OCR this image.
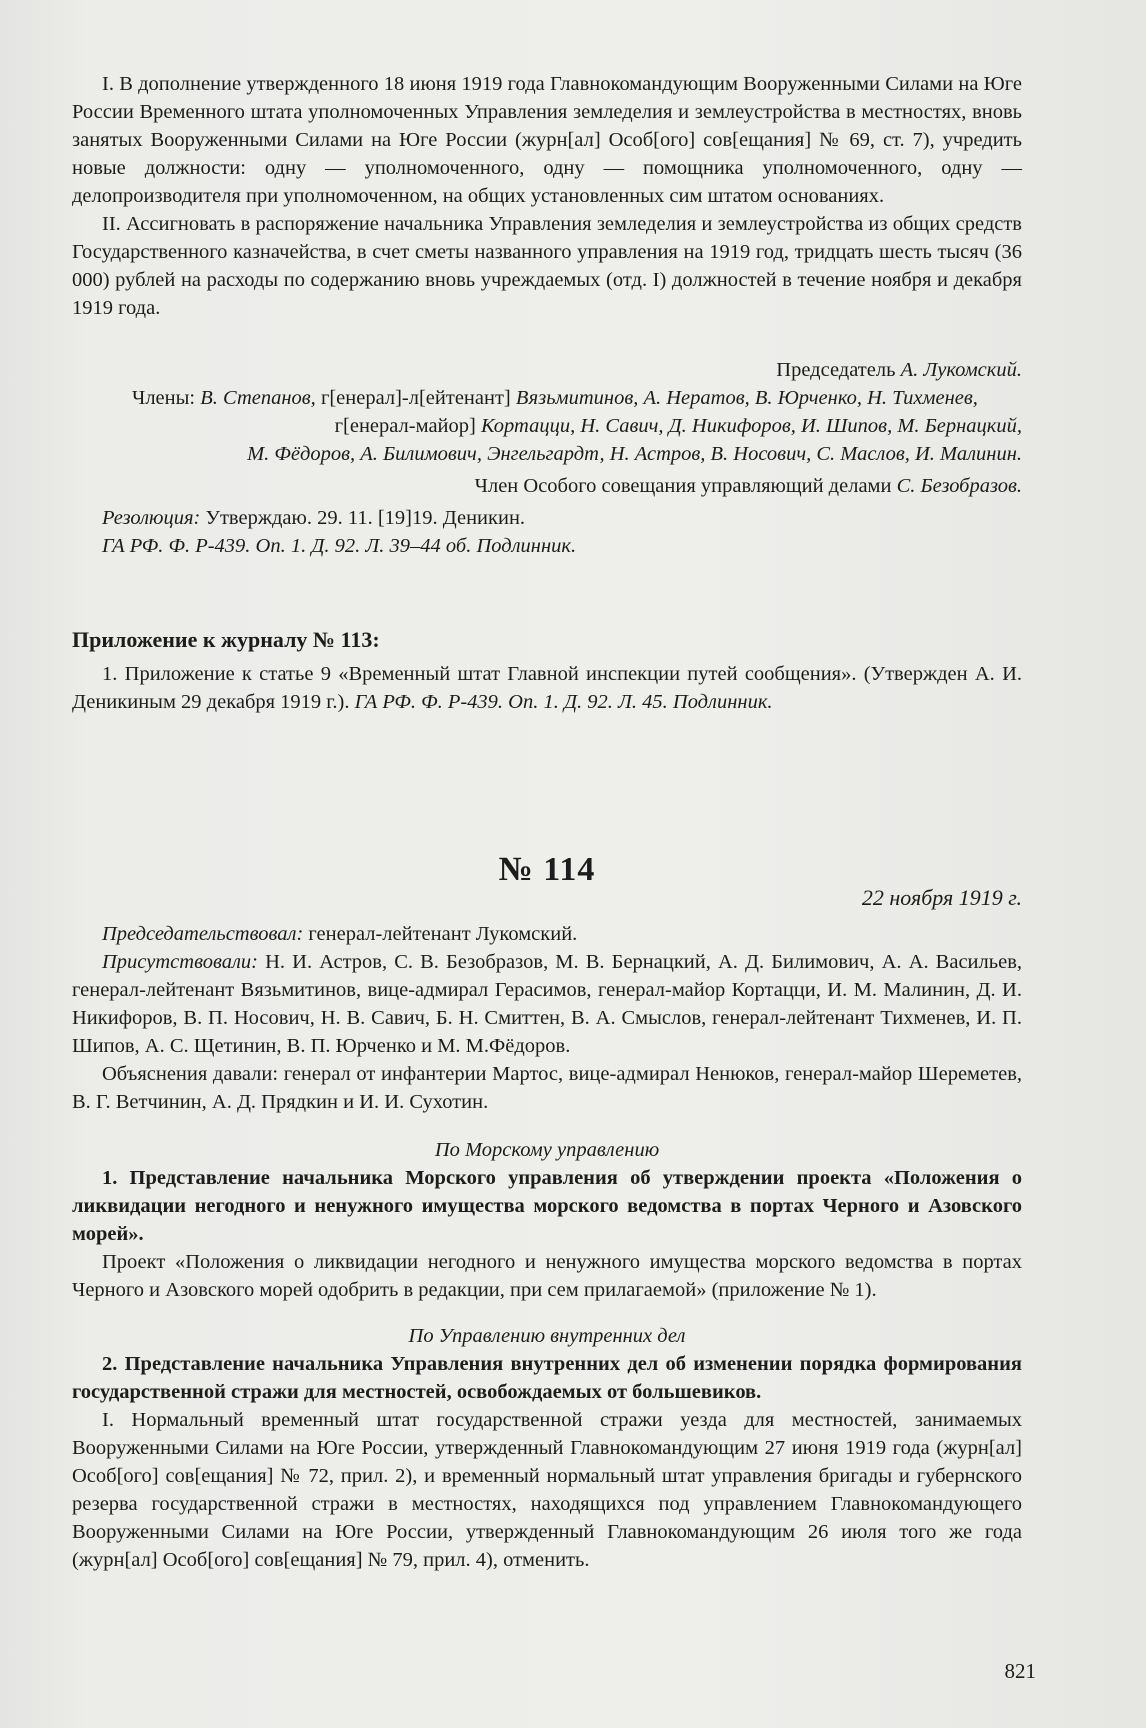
I. В дополнение утвержденного 18 июня 1919 года Главнокомандующим Вооруженными Силами на Юге России Временного штата уполномоченных Управления земледелия и землеустройства в местностях, вновь занятых Вооруженными Силами на Юге России (журн[ал] Особ[ого] сов[ещания] № 69, ст. 7), учредить новые должности: одну — уполномоченного, одну — помощника уполномоченного, одну — делопроизводителя при уполномоченном, на общих установленных сим штатом основаниях.

II. Ассигновать в распоряжение начальника Управления земледелия и землеустройства из общих средств Государственного казначейства, в счет сметы названного управления на 1919 год, тридцать шесть тысяч (36 000) рублей на расходы по содержанию вновь учреждаемых (отд. I) должностей в течение ноября и декабря 1919 года.

Председатель А. Лукомский.

Члены: В. Степанов, г[енерал]-л[ейтенант] Вязьмитинов, А. Нератов, В. Юрченко, Н. Тихменев,

г[енерал-майор] Кортацци, Н. Савич, Д. Никифоров, И. Шипов, М. Бернацкий,

М. Фёдоров, А. Билимович, Энгельгардт, Н. Астров, В. Носович, С. Маслов, И. Малинин.

Член Особого совещания управляющий делами С. Безобразов.

Резолюция: Утверждаю. 29. 11. [19]19. Деникин.

ГА РФ. Ф. Р-439. Оп. 1. Д. 92. Л. 39–44 об. Подлинник.

Приложение к журналу № 113:

1. Приложение к статье 9 «Временный штат Главной инспекции путей сообщения». (Утвержден А. И. Деникиным 29 декабря 1919 г.). ГА РФ. Ф. Р-439. Оп. 1. Д. 92. Л. 45. Подлинник.

№ 114

22 ноября 1919 г.

Председательствовал: генерал-лейтенант Лукомский.

Присутствовали: Н. И. Астров, С. В. Безобразов, М. В. Бернацкий, А. Д. Билимович, А. А. Васильев, генерал-лейтенант Вязьмитинов, вице-адмирал Герасимов, генерал-майор Кортацци, И. М. Малинин, Д. И. Никифоров, В. П. Носович, Н. В. Савич, Б. Н. Смиттен, В. А. Смыслов, генерал-лейтенант Тихменев, И. П. Шипов, А. С. Щетинин, В. П. Юрченко и М. М.Фёдоров.

Объяснения давали: генерал от инфантерии Мартос, вице-адмирал Ненюков, генерал-майор Шереметев, В. Г. Ветчинин, А. Д. Прядкин и И. И. Сухотин.

По Морскому управлению

1. Представление начальника Морского управления об утверждении проекта «Положения о ликвидации негодного и ненужного имущества морского ведомства в портах Черного и Азовского морей».

Проект «Положения о ликвидации негодного и ненужного имущества морского ведомства в портах Черного и Азовского морей одобрить в редакции, при сем прилагаемой» (приложение № 1).

По Управлению внутренних дел

2. Представление начальника Управления внутренних дел об изменении порядка формирования государственной стражи для местностей, освобождаемых от большевиков.

I. Нормальный временный штат государственной стражи уезда для местностей, занимаемых Вооруженными Силами на Юге России, утвержденный Главнокомандующим 27 июня 1919 года (журн[ал] Особ[ого] сов[ещания] № 72, прил. 2), и временный нормальный штат управления бригады и губернского резерва государственной стражи в местностях, находящихся под управлением Главнокомандующего Вооруженными Силами на Юге России, утвержденный Главнокомандующим 26 июля того же года (журн[ал] Особ[ого] сов[ещания] № 79, прил. 4), отменить.

821
